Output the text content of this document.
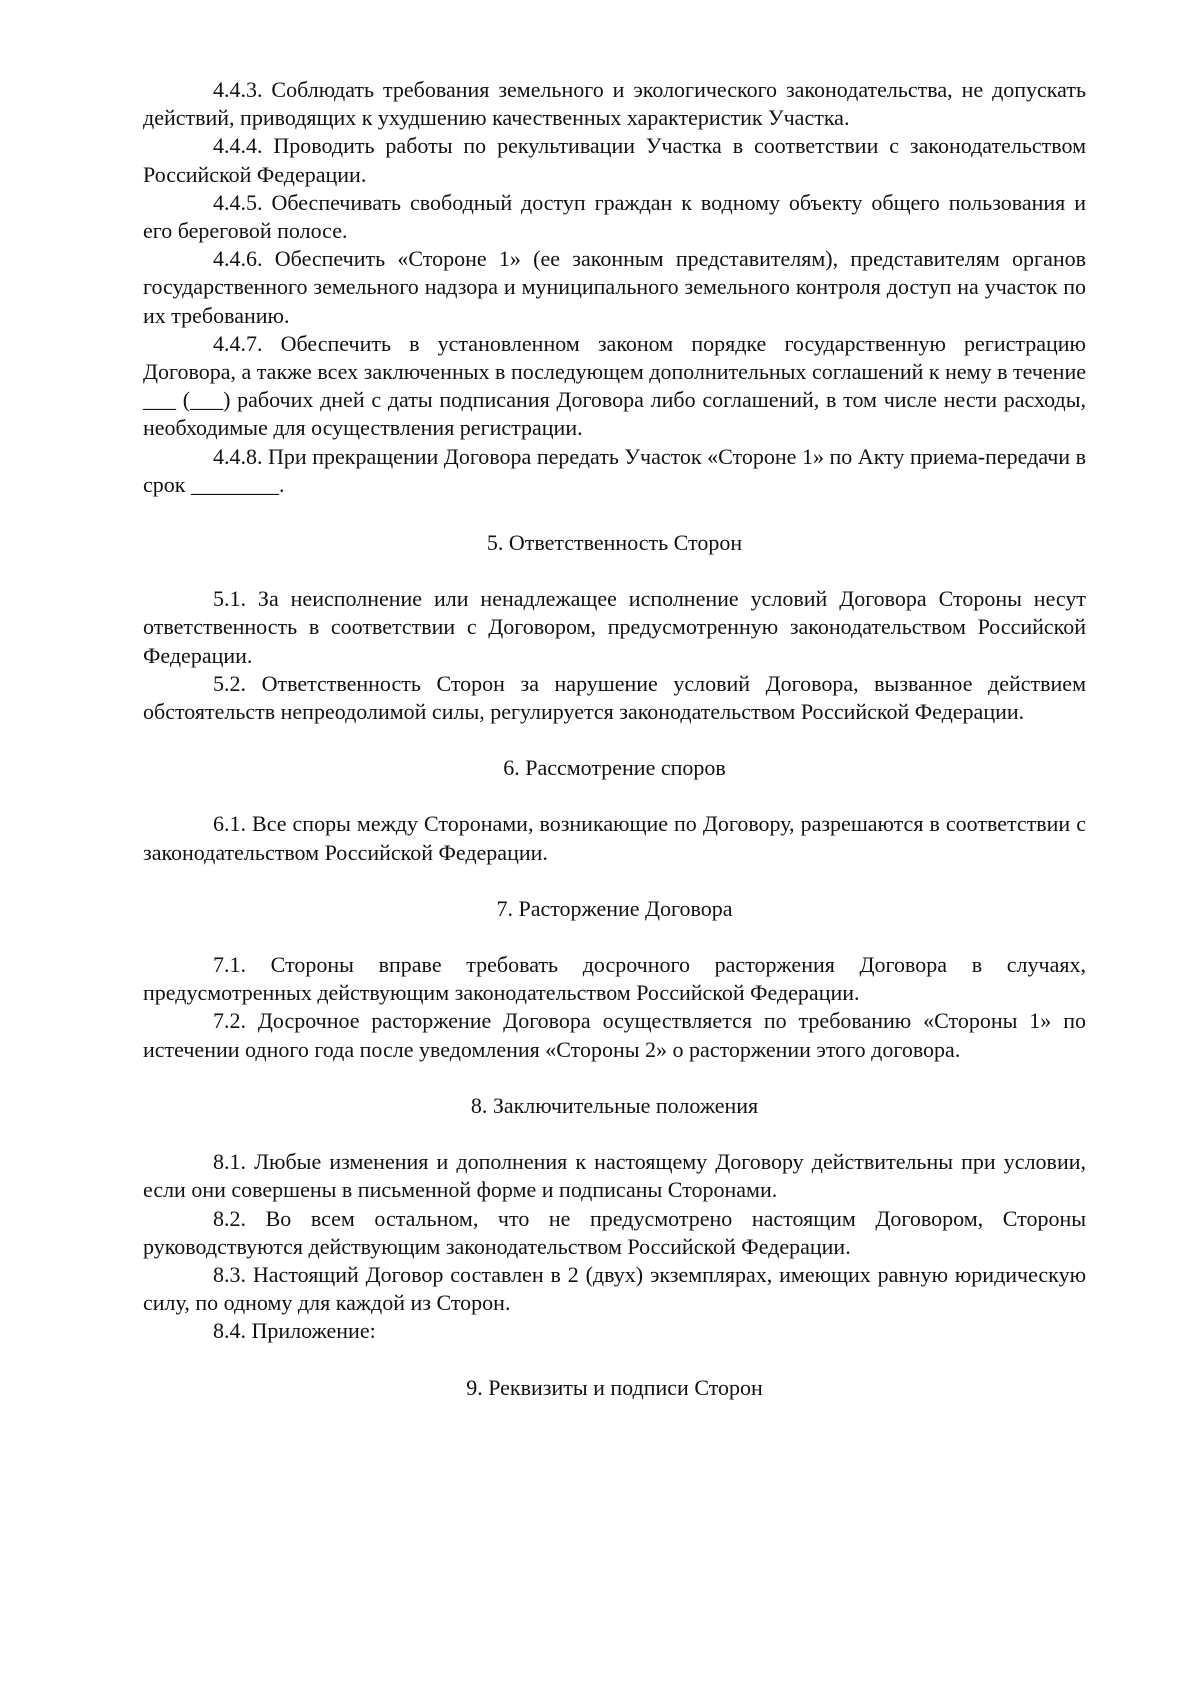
4.4.3. Соблюдать требования земельного и экологического законодательства, не допускать действий, приводящих к ухудшению качественных характеристик Участка.

4.4.4. Проводить работы по рекультивации Участка в соответствии с законодательством Российской Федерации.

4.4.5. Обеспечивать свободный доступ граждан к водному объекту общего пользования и его береговой полосе.

4.4.6. Обеспечить «Стороне 1» (ее законным представителям), представителям органов государственного земельного надзора и муниципального земельного контроля доступ на участок по их требованию.

4.4.7. Обеспечить в установленном законом порядке государственную регистрацию Договора, а также всех заключенных в последующем дополнительных соглашений к нему в течение ___ (___) рабочих дней с даты подписания Договора либо соглашений, в том числе нести расходы, необходимые для осуществления регистрации.

4.4.8. При прекращении Договора передать Участок «Стороне 1» по Акту приема-передачи в срок ________.

5. Ответственность Сторон

5.1. За неисполнение или ненадлежащее исполнение условий Договора Стороны несут ответственность в соответствии с Договором, предусмотренную законодательством Российской Федерации.

5.2. Ответственность Сторон за нарушение условий Договора, вызванное действием обстоятельств непреодолимой силы, регулируется законодательством Российской Федерации.

6. Рассмотрение споров

6.1. Все споры между Сторонами, возникающие по Договору, разрешаются в соответствии с законодательством Российской Федерации.

7. Расторжение Договора

7.1. Стороны вправе требовать досрочного расторжения Договора в случаях, предусмотренных действующим законодательством Российской Федерации.

7.2. Досрочное расторжение Договора осуществляется по требованию «Стороны 1» по истечении одного года после уведомления «Стороны 2» о расторжении этого договора.

8. Заключительные положения

8.1. Любые изменения и дополнения к настоящему Договору действительны при условии, если они совершены в письменной форме и подписаны Сторонами.

8.2. Во всем остальном, что не предусмотрено настоящим Договором, Стороны руководствуются действующим законодательством Российской Федерации.

8.3. Настоящий Договор составлен в 2 (двух) экземплярах, имеющих равную юридическую силу, по одному для каждой из Сторон.

8.4. Приложение:

9. Реквизиты и подписи Сторон
